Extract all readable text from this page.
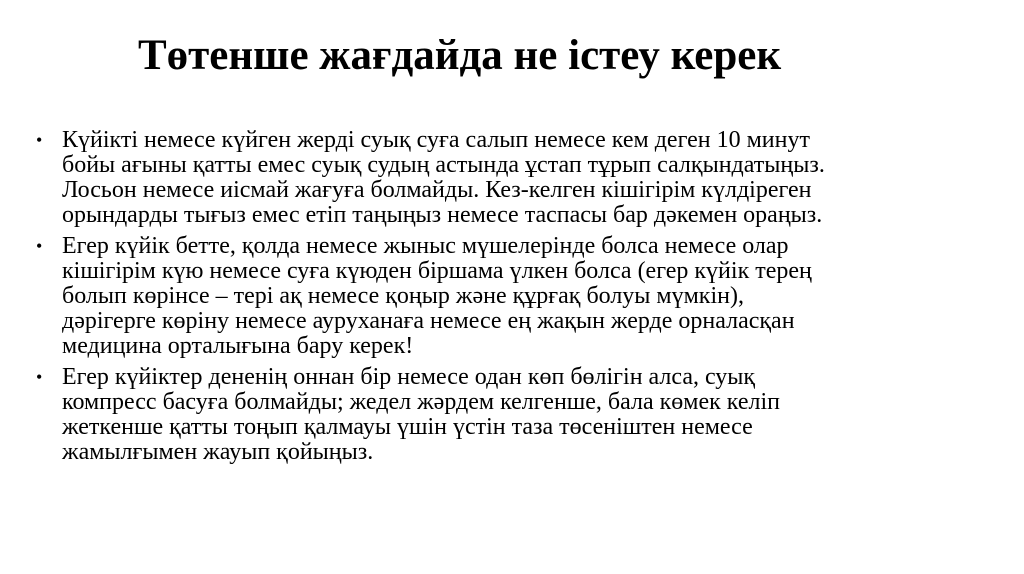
Төтенше жағдайда не істеу керек
• Күйікті немесе күйген жерді суық суға салып немесе кем деген 10 минут
бойы ағыны қатты емес суық судың астында ұстап тұрып салқындатыңыз.
Лосьон немесе иісмай жағуға болмайды. Кез-келген кішігірім күлдіреген
орындарды тығыз емес етіп таңыңыз немесе таспасы бар дәкемен ораңыз.
• Егер күйік бетте, қолда немесе жыныс мүшелерінде болса немесе олар
кішігірім күю немесе суға күюден біршама үлкен болса (егер күйік терең
болып көрінсе – тері ақ немесе қоңыр және құрғақ болуы мүмкін),
дәрігерге көріну немесе ауруханаға немесе ең жақын жерде орналасқан
медицина орталығына бару керек!
• Егер күйіктер дененің оннан бір немесе одан көп бөлігін алса, суық
компресс басуға болмайды; жедел жәрдем келгенше, бала көмек келіп
жеткенше қатты тоңып қалмауы үшін үстін таза төсеніштен немесе
жамылғымен жауып қойыңыз.
